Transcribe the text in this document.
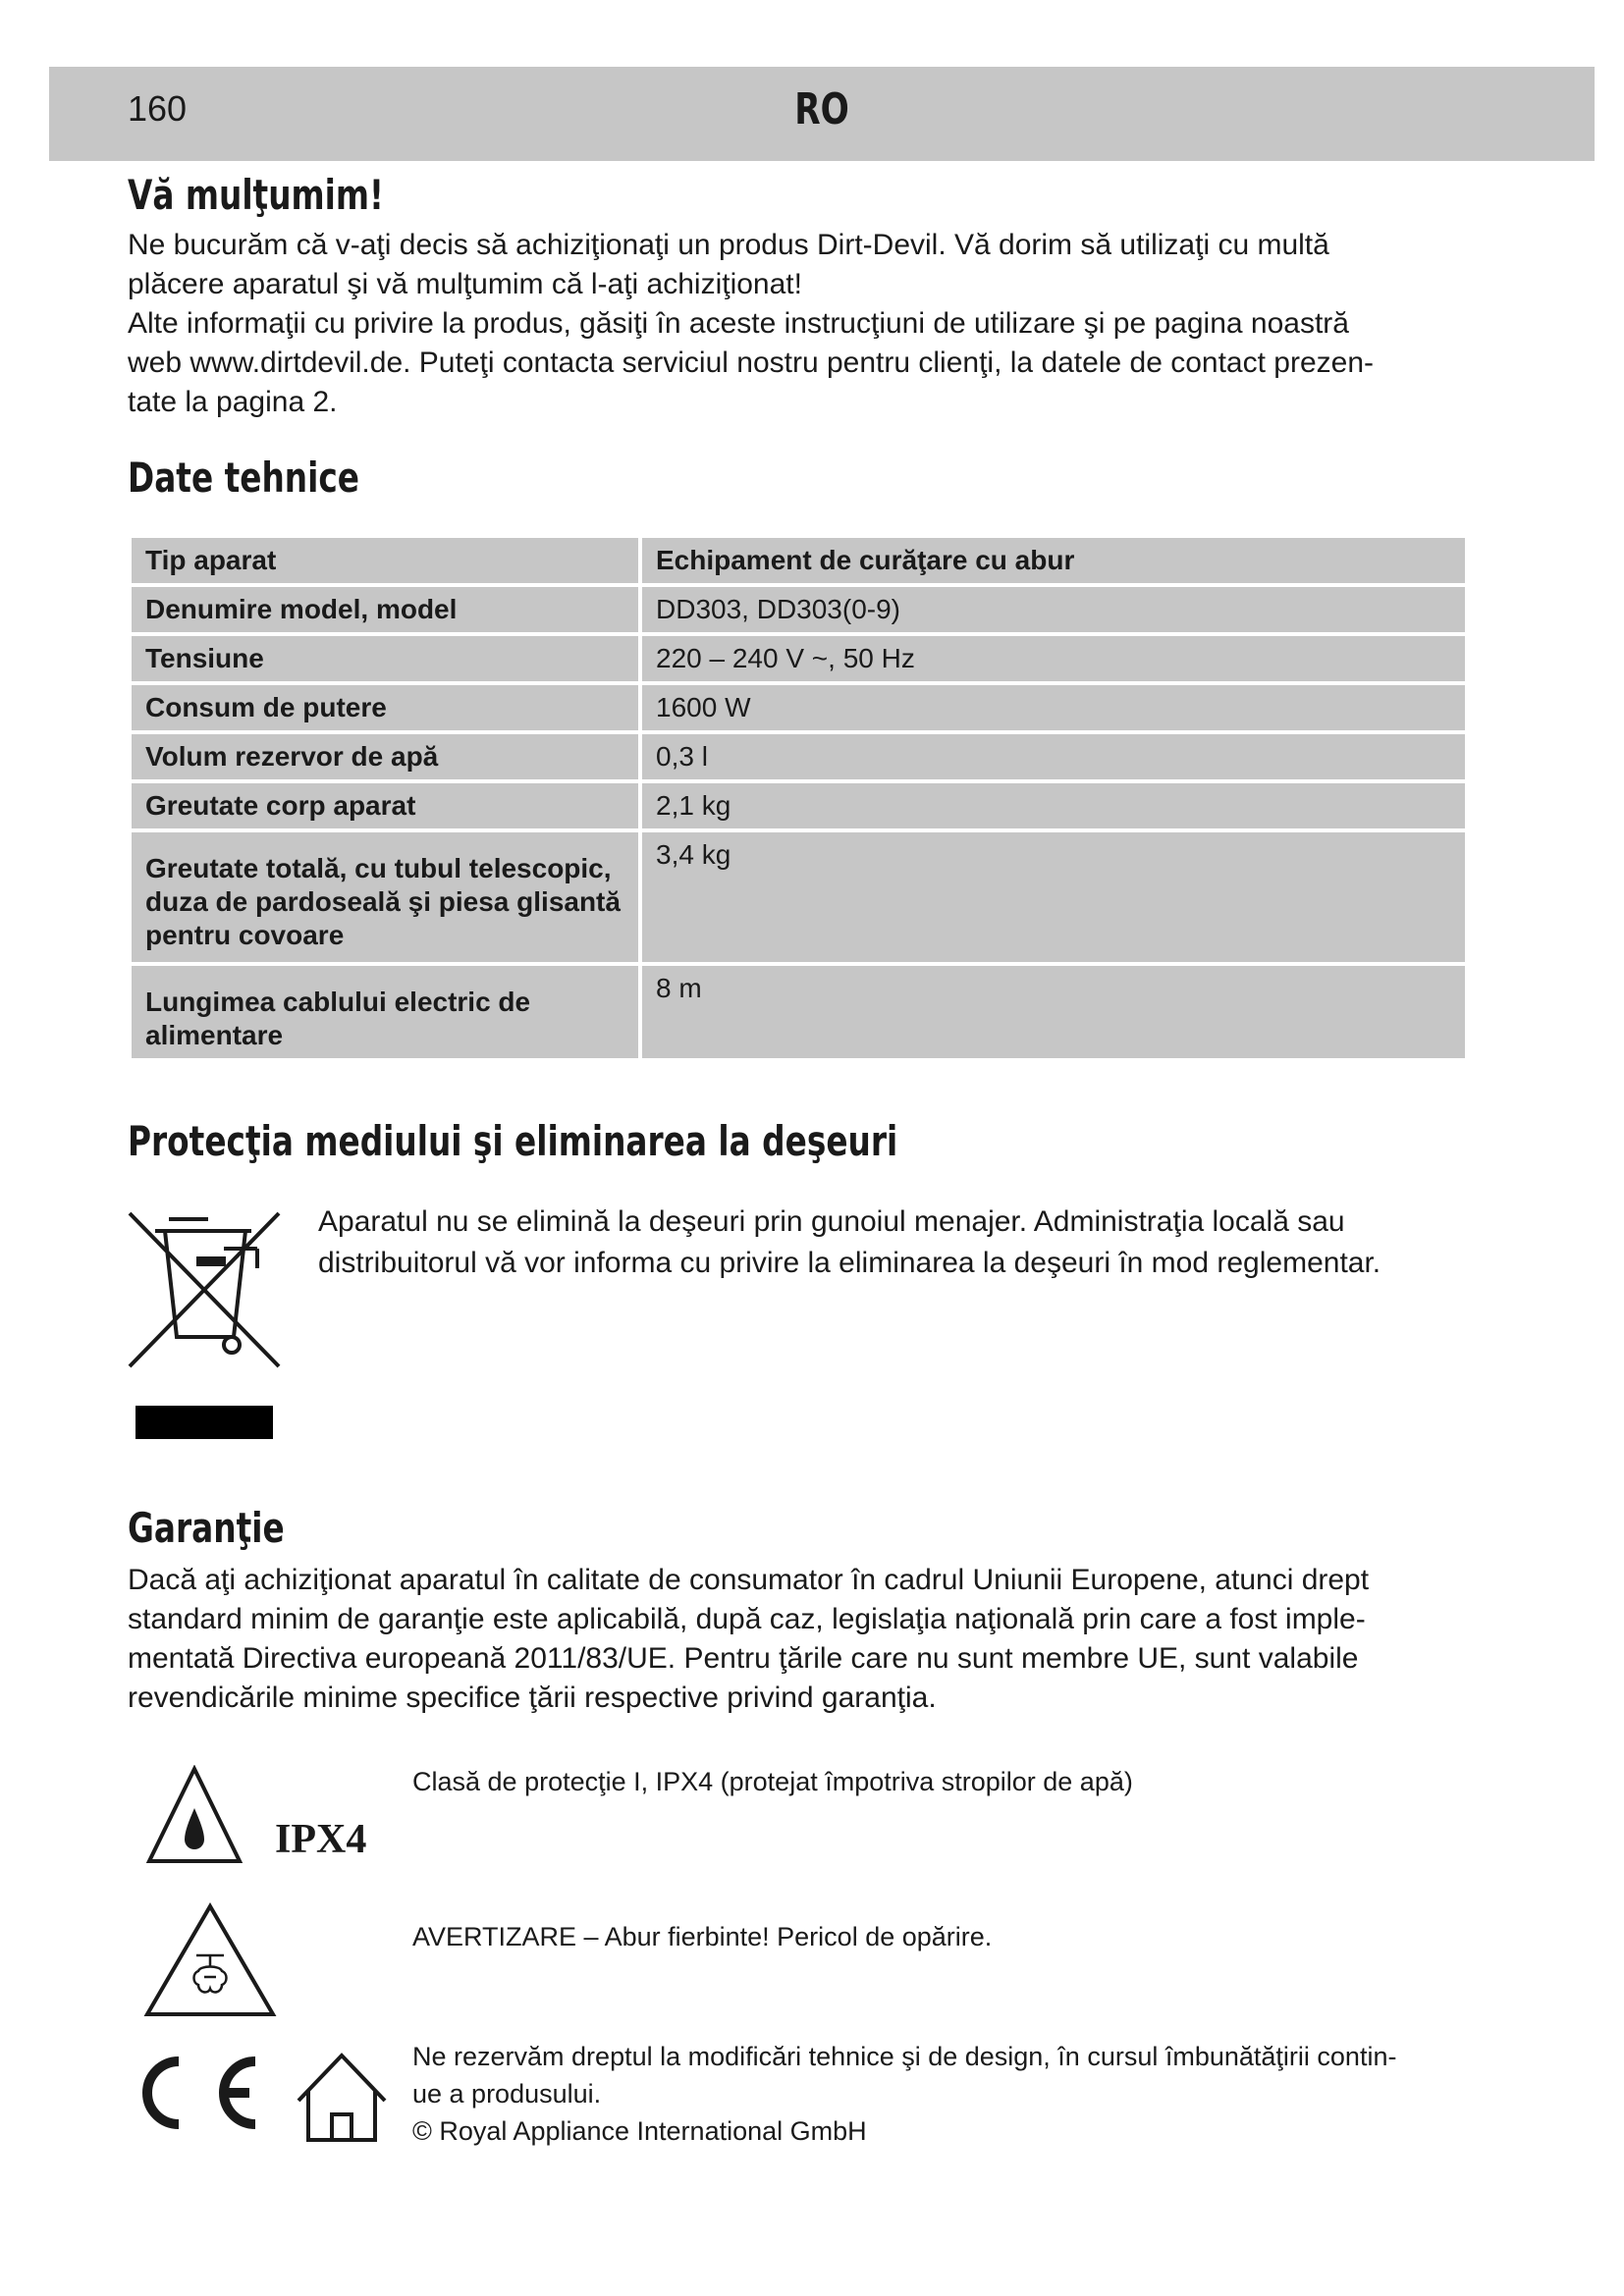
160	RO
Vă mulţumim!
Ne bucurăm că v-aţi decis să achiziţionaţi un produs Dirt-Devil. Vă dorim să utilizaţi cu multă
plăcere aparatul şi vă mulţumim că l-aţi achiziţionat!
Alte informaţii cu privire la produs, găsiţi în aceste instrucţiuni de utilizare şi pe pagina noastră
web www.dirtdevil.de. Puteţi contacta serviciul nostru pentru clienţi, la datele de contact prezen-
tate la pagina 2.
Date tehnice
Tip aparat	Echipament de curăţare cu abur
Denumire model, model	DD303, DD303(0-9)
Tensiune	220 – 240 V ~, 50 Hz
Consum de putere	1600 W
Volum rezervor de apă	0,3 l
Greutate corp aparat	2,1 kg
Greutate totală, cu tubul telescopic, duza de pardoseală şi piesa glisantă pentru covoare	3,4 kg
Lungimea cablului electric de alimentare	8 m
Protecţia mediului şi eliminarea la deşeuri
Aparatul nu se elimină la deşeuri prin gunoiul menajer. Administraţia locală sau
distribuitorul vă vor informa cu privire la eliminarea la deşeuri în mod reglementar.
Garanţie
Dacă aţi achiziţionat aparatul în calitate de consumator în cadrul Uniunii Europene, atunci drept
standard minim de garanţie este aplicabilă, după caz, legislaţia naţională prin care a fost imple-
mentată Directiva europeană 2011/83/UE. Pentru ţările care nu sunt membre UE, sunt valabile
revendicările minime specifice ţării respective privind garanţia.
IPX4

Clasă de protecţie I, IPX4 (protejat împotriva stropilor de apă)

AVERTIZARE – Abur fierbinte! Pericol de opărire.

Ne rezervăm dreptul la modificări tehnice şi de design, în cursul îmbunătăţirii contin-
ue a produsului.
© Royal Appliance International GmbH
